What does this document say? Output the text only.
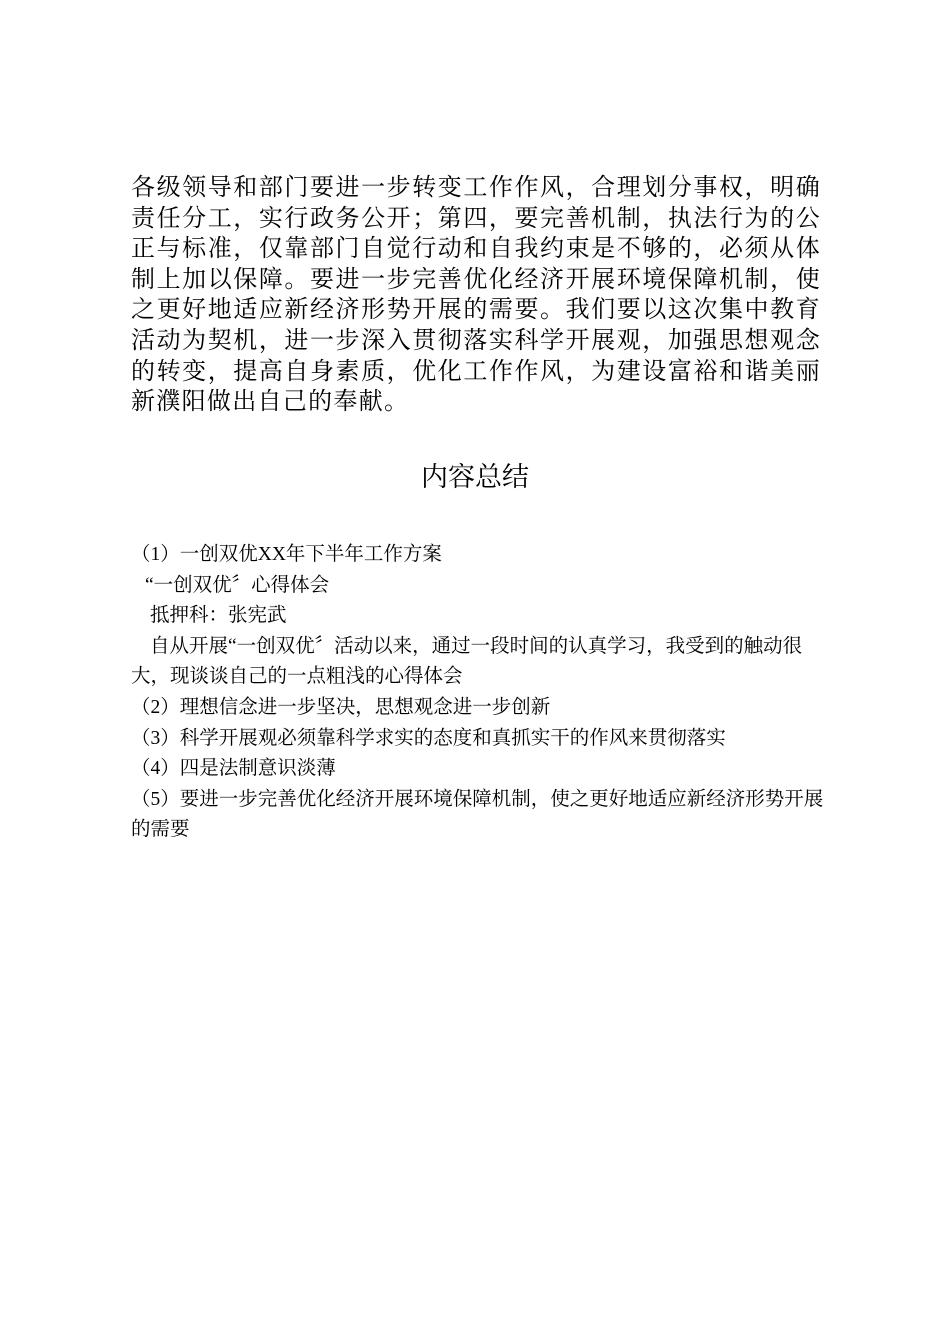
各级领导和部门要进一步转变工作作风，合理划分事权，明确责任分工，实行政务公开；第四，要完善机制，执法行为的公正与标准，仅靠部门自觉行动和自我约束是不够的，必须从体制上加以保障。要进一步完善优化经济开展环境保障机制，使之更好地适应新经济形势开展的需要。我们要以这次集中教育活动为契机，进一步深入贯彻落实科学开展观，加强思想观念的转变，提高自身素质，优化工作作风，为建设富裕和谐美丽新濮阳做出自己的奉献。

内容总结

（1）一创双优XX年下半年工作方案

“一创双优〞心得体会

抵押科：张宪武

自从开展“一创双优〞活动以来，通过一段时间的认真学习，我受到的触动很大，现谈谈自己的一点粗浅的心得体会

（2）理想信念进一步坚决，思想观念进一步创新

（3）科学开展观必须靠科学求实的态度和真抓实干的作风来贯彻落实

（4）四是法制意识淡薄

（5）要进一步完善优化经济开展环境保障机制，使之更好地适应新经济形势开展的需要
